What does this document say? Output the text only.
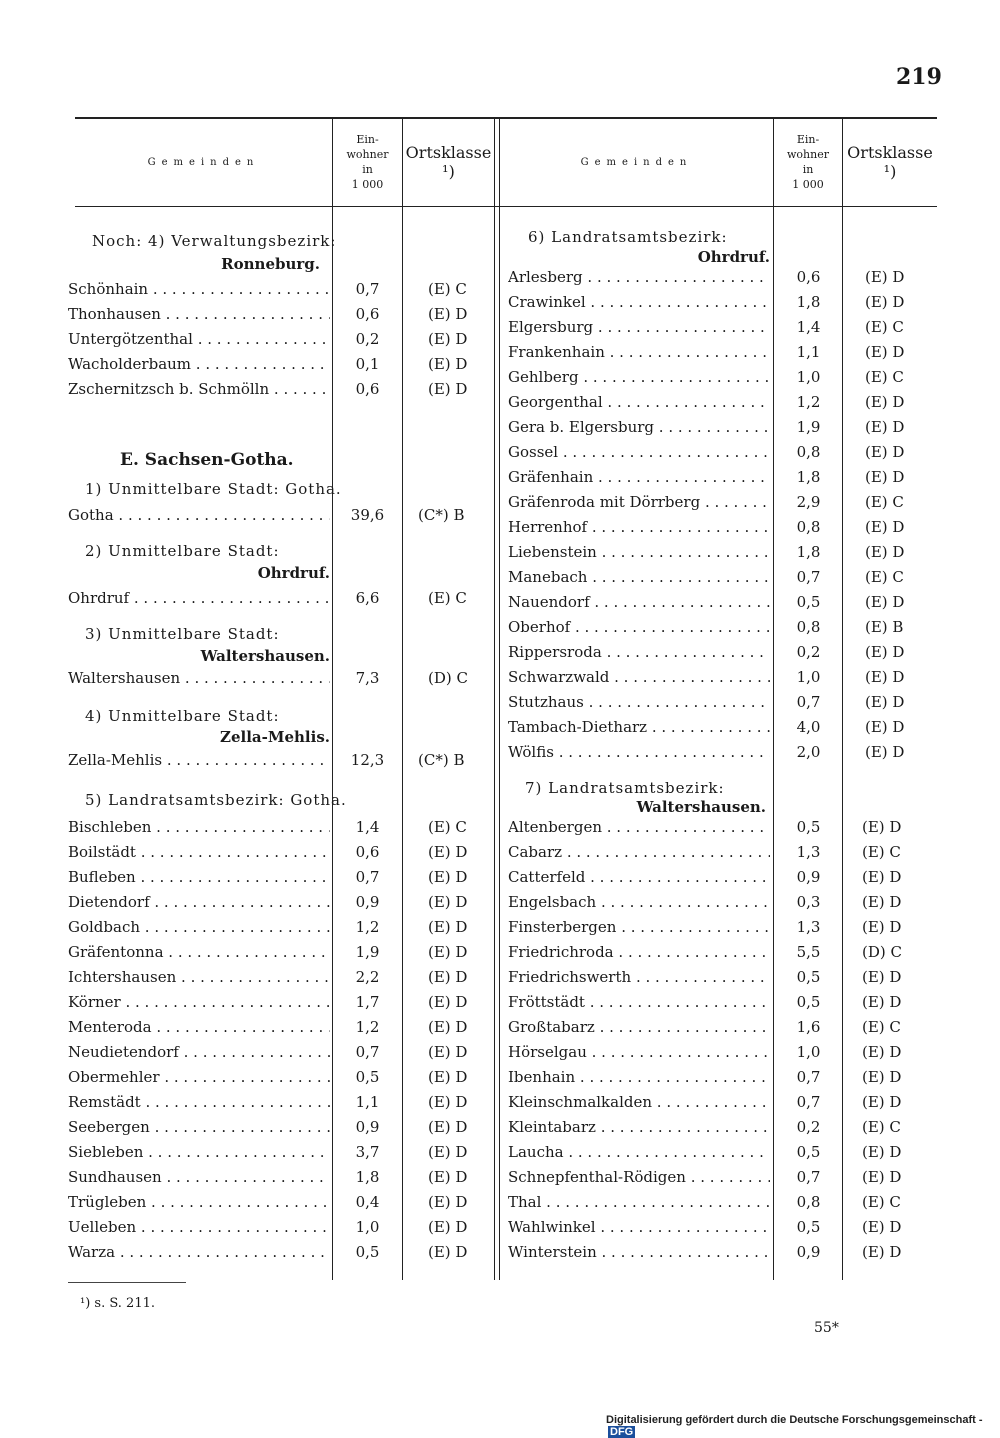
219
Gemeinden
Ein-
wohner
in
1 000
Ortsklasse ¹)	Gemeinden
Ein-
wohner
in
1 000
Ortsklasse ¹)
Noch: 4) Verwaltungsbezirk:
Ronneburg.
Schönhain . . .	0,7	(E) C
Thonhausen . . .	0,6	(E) D
Untergötzenthal . . .	0,2	(E) D
Wacholderbaum . . .	0,1	(E) D
Zschernitzsch b. Schmölln . . .	0,6	(E) D
E. Sachsen-Gotha.
1) Unmittelbare Stadt: Gotha.
Gotha . . .	39,6	(C*) B
2) Unmittelbare Stadt:
Ohrdruf.
Ohrdruf . . .	6,6	(E) C
3) Unmittelbare Stadt:
Waltershausen.
Waltershausen . . .	7,3	(D) C
4) Unmittelbare Stadt:
Zella-Mehlis.
Zella-Mehlis . . .	12,3	(C*) B
5) Landratsamtsbezirk: Gotha.
Bischleben . . .	1,4	(E) C
Boilstädt . . .	0,6	(E) D
Bufleben . . .	0,7	(E) D
Dietendorf . . .	0,9	(E) D
Goldbach . . .	1,2	(E) D
Gräfentonna . . .	1,9	(E) D
Ichtershausen . . .	2,2	(E) D
Körner . . .	1,7	(E) D
Menteroda . . .	1,2	(E) D
Neudietendorf . . .	0,7	(E) D
Obermehler . . .	0,5	(E) D
Remstädt . . .	1,1	(E) D
Seebergen . . .	0,9	(E) D
Siebleben . . .	3,7	(E) D
Sundhausen . . .	1,8	(E) D
Trügleben . . .	0,4	(E) D
Uelleben . . .	1,0	(E) D
Warza . . .	0,5	(E) D
6) Landratsamtsbezirk:
Ohrdruf.
Arlesberg . . .	0,6	(E) D
Crawinkel . . .	1,8	(E) D
Elgersburg . . .	1,4	(E) C
Frankenhain . . .	1,1	(E) D
Gehlberg . . .	1,0	(E) C
Georgenthal . . .	1,2	(E) D
Gera b. Elgersburg . . .	1,9	(E) D
Gossel . . .	0,8	(E) D
Gräfenhain . . .	1,8	(E) D
Gräfenroda mit Dörrberg . . .	2,9	(E) C
Herrenhof . . .	0,8	(E) D
Liebenstein . . .	1,8	(E) D
Manebach . . .	0,7	(E) C
Nauendorf . . .	0,5	(E) D
Oberhof . . .	0,8	(E) B
Rippersroda . . .	0,2	(E) D
Schwarzwald . . .	1,0	(E) D
Stutzhaus . . .	0,7	(E) D
Tambach-Dietharz . . .	4,0	(E) D
Wölfis . . .	2,0	(E) D
7) Landratsamtsbezirk:
Waltershausen.
Altenbergen . . .	0,5	(E) D
Cabarz . . .	1,3	(E) C
Catterfeld . . .	0,9	(E) D
Engelsbach . . .	0,3	(E) D
Finsterbergen . . .	1,3	(E) D
Friedrichroda . . .	5,5	(D) C
Friedrichswerth . . .	0,5	(E) D
Fröttstädt . . .	0,5	(E) D
Großtabarz . . .	1,6	(E) C
Hörselgau . . .	1,0	(E) D
Ibenhain . . .	0,7	(E) D
Kleinschmalkalden . . .	0,7	(E) D
Kleintabarz . . .	0,2	(E) C
Laucha . . .	0,5	(E) D
Schnepfenthal-Rödigen . . .	0,7	(E) D
Thal . . .	0,8	(E) C
Wahlwinkel . . .	0,5	(E) D
Winterstein . . .	0,9	(E) D
¹) s. S. 211.
55*
Digitalisierung gefördert durch die Deutsche Forschungsgemeinschaft -DFG
